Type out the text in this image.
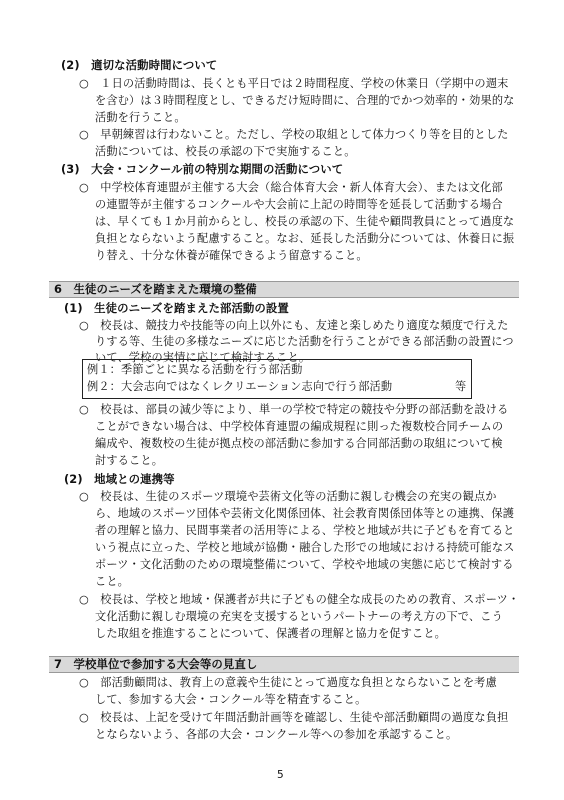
(2)　適切な活動時間について
○　１日の活動時間は、長くとも平日では２時間程度、学校の休業日（学期中の週末
を含む）は３時間程度とし、できるだけ短時間に、合理的でかつ効率的・効果的な
活動を行うこと。
○　早朝練習は行わないこと。ただし、学校の取組として体力つくり等を目的とした
活動については、校長の承認の下で実施すること。
(3)　大会・コンクール前の特別な期間の活動について
○　中学校体育連盟が主催する大会（総合体育大会・新人体育大会）、または文化部
の連盟等が主催するコンクールや大会前に上記の時間等を延長して活動する場合
は、早くても１か月前からとし、校長の承認の下、生徒や顧問教員にとって過度な
負担とならないよう配慮すること。なお、延長した活動分については、休養日に振
り替え、十分な休養が確保できるよう留意すること。
6　生徒のニーズを踏まえた環境の整備
(1)　生徒のニーズを踏まえた部活動の設置
○　校長は、競技力や技能等の向上以外にも、友達と楽しめたり適度な頻度で行えた
りする等、生徒の多様なニーズに応じた活動を行うことができる部活動の設置につ
いて、学校の実情に応じて検討すること。
例１：季節ごとに異なる活動を行う部活動
例２：大会志向ではなくレクリエーション志向で行う部活動	等
○　校長は、部員の減少等により、単一の学校で特定の競技や分野の部活動を設ける
ことができない場合は、中学校体育連盟の編成規程に則った複数校合同チームの
編成や、複数校の生徒が拠点校の部活動に参加する合同部活動の取組について検
討すること。
(2)　地域との連携等
○　校長は、生徒のスポーツ環境や芸術文化等の活動に親しむ機会の充実の観点か
ら、地域のスポーツ団体や芸術文化関係団体、社会教育関係団体等との連携、保護
者の理解と協力、民間事業者の活用等による、学校と地域が共に子どもを育てると
いう視点に立った、学校と地域が協働・融合した形での地域における持続可能なス
ポーツ・文化活動のための環境整備について、学校や地域の実態に応じて検討する
こと。
○　校長は、学校と地域・保護者が共に子どもの健全な成長のための教育、スポーツ・
文化活動に親しむ環境の充実を支援するというパートナーの考え方の下で、こう
した取組を推進することについて、保護者の理解と協力を促すこと。
7　学校単位で参加する大会等の見直し
○　部活動顧問は、教育上の意義や生徒にとって過度な負担とならないことを考慮
して、参加する大会・コンクール等を精査すること。
○　校長は、上記を受けて年間活動計画等を確認し、生徒や部活動顧問の過度な負担
とならないよう、各部の大会・コンクール等への参加を承認すること。
5
